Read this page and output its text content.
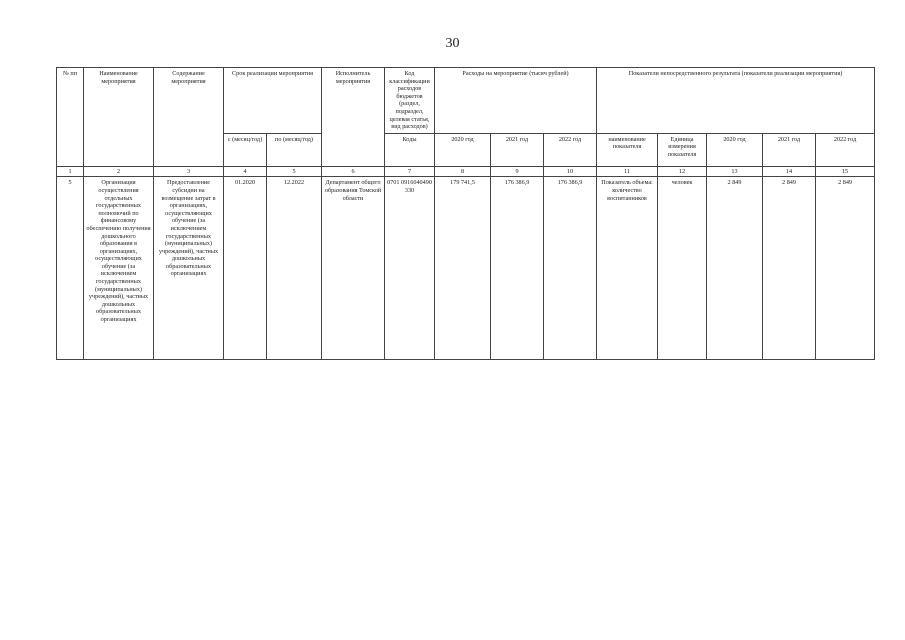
30
№ пп	Наименование мероприятия	Содержание мероприятия	Срок реализации мероприятия		Исполнитель мероприятия	Код классификации расходов бюджетов (раздел, подраздел, целевая статья, вид расходов)	Расходы на мероприятие (тысяч рублей)			Показатели непосредственного результата (показатели реализации мероприятия)				
			с (месяц/год)	по (месяц/год)		Коды	2020 год	2021 год	2022 год	наименование показателя	Единица измерения показателя	2020 год	2021 год	2022 год
1	2	3	4	5	6	7	8	9	10	11	12	13	14	15
5	Организация осуществления отдельных государственных полномочий по финансовому обеспечению получения дошкольного образования в организациях, осуществляющих обучение (за исключением государственных (муниципальных) учреждений), частных дошкольных образовательных организациях	Предоставление субсидии на возмещение затрат в организациях, осуществляющих обучение (за исключением государственных (муниципальных) учреждений), частных дошкольных образовательных организациях	01.2020	12.2022	Департамент общего образования Томской области	0701 0916040490 330	179 741,5	176 386,9	176 386,9	Показатель объема: количество воспитанников	человек	2 849	2 849	2 849
